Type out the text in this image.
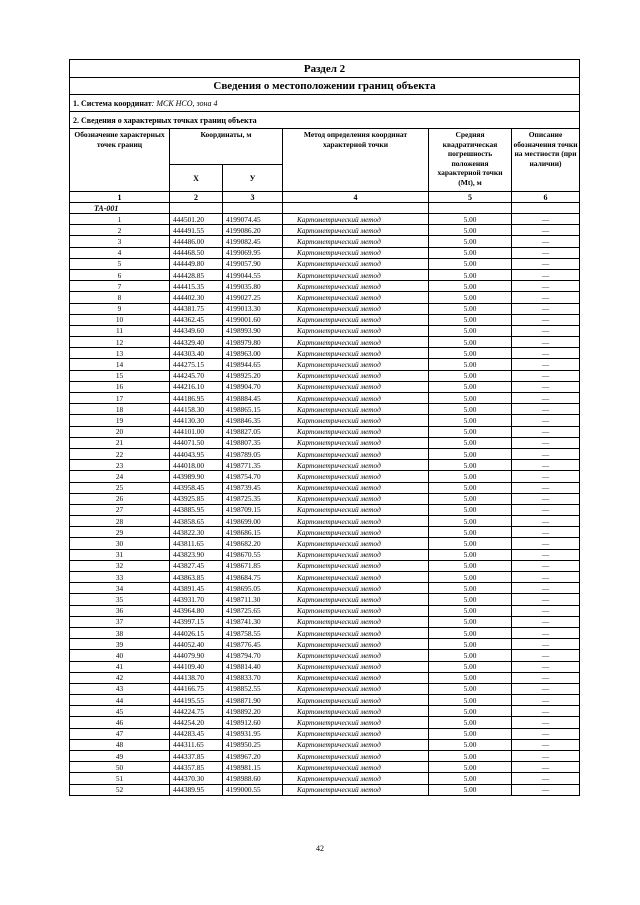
Раздел 2					
Сведения о местоположении границ объекта					
1. Система координат: МСК НСО, зона 4					
2. Сведения о характерных точках границ объекта					
Обозначение характерных точек границ	Координаты, м		Метод определения координат характерной точки	Средняя квадратическая погрешность положения характерной точки (Mt), м	Описание обозначения точки на местности (при наличии)
	X	У			
1	2	3	4	5	6
ТА-001					
1	444501.20	4199074.45	Картометрический метод	5.00	—
2	444491.55	4199086.20	Картометрический метод	5.00	—
3	444486.00	4199082.45	Картометрический метод	5.00	—
4	444468.50	4199069.95	Картометрический метод	5.00	—
5	444449.80	4199057.90	Картометрический метод	5.00	—
6	444428.85	4199044.55	Картометрический метод	5.00	—
7	444415.35	4199035.80	Картометрический метод	5.00	—
8	444402.30	4199027.25	Картометрический метод	5.00	—
9	444381.75	4199013.30	Картометрический метод	5.00	—
10	444362.45	4199001.60	Картометрический метод	5.00	—
11	444349.60	4198993.90	Картометрический метод	5.00	—
12	444329.40	4198979.80	Картометрический метод	5.00	—
13	444303.40	4198963.00	Картометрический метод	5.00	—
14	444275.15	4198944.65	Картометрический метод	5.00	—
15	444245.70	4198925.20	Картометрический метод	5.00	—
16	444216.10	4198904.70	Картометрический метод	5.00	—
17	444186.95	4198884.45	Картометрический метод	5.00	—
18	444158.30	4198865.15	Картометрический метод	5.00	—
19	444130.30	4198846.35	Картометрический метод	5.00	—
20	444101.00	4198827.05	Картометрический метод	5.00	—
21	444071.50	4198807.35	Картометрический метод	5.00	—
22	444043.95	4198789.05	Картометрический метод	5.00	—
23	444018.00	4198771.35	Картометрический метод	5.00	—
24	443989.90	4198754.70	Картометрический метод	5.00	—
25	443958.45	4198739.45	Картометрический метод	5.00	—
26	443925.85	4198725.35	Картометрический метод	5.00	—
27	443885.95	4198709.15	Картометрический метод	5.00	—
28	443858.65	4198699.00	Картометрический метод	5.00	—
29	443822.30	4198686.15	Картометрический метод	5.00	—
30	443811.65	4198682.20	Картометрический метод	5.00	—
31	443823.90	4198670.55	Картометрический метод	5.00	—
32	443827.45	4198671.85	Картометрический метод	5.00	—
33	443863.85	4198684.75	Картометрический метод	5.00	—
34	443891.45	4198695.05	Картометрический метод	5.00	—
35	443931.70	4198711.30	Картометрический метод	5.00	—
36	443964.80	4198725.65	Картометрический метод	5.00	—
37	443997.15	4198741.30	Картометрический метод	5.00	—
38	444026.15	4198758.55	Картометрический метод	5.00	—
39	444052.40	4198776.45	Картометрический метод	5.00	—
40	444079.90	4198794.70	Картометрический метод	5.00	—
41	444109.40	4198814.40	Картометрический метод	5.00	—
42	444138.70	4198833.70	Картометрический метод	5.00	—
43	444166.75	4198852.55	Картометрический метод	5.00	—
44	444195.55	4198871.90	Картометрический метод	5.00	—
45	444224.75	4198892.20	Картометрический метод	5.00	—
46	444254.20	4198912.60	Картометрический метод	5.00	—
47	444283.45	4198931.95	Картометрический метод	5.00	—
48	444311.65	4198950.25	Картометрический метод	5.00	—
49	444337.85	4198967.20	Картометрический метод	5.00	—
50	444357.85	4198981.15	Картометрический метод	5.00	—
51	444370.30	4198988.60	Картометрический метод	5.00	—
52	444389.95	4199000.55	Картометрический метод	5.00	—
42
